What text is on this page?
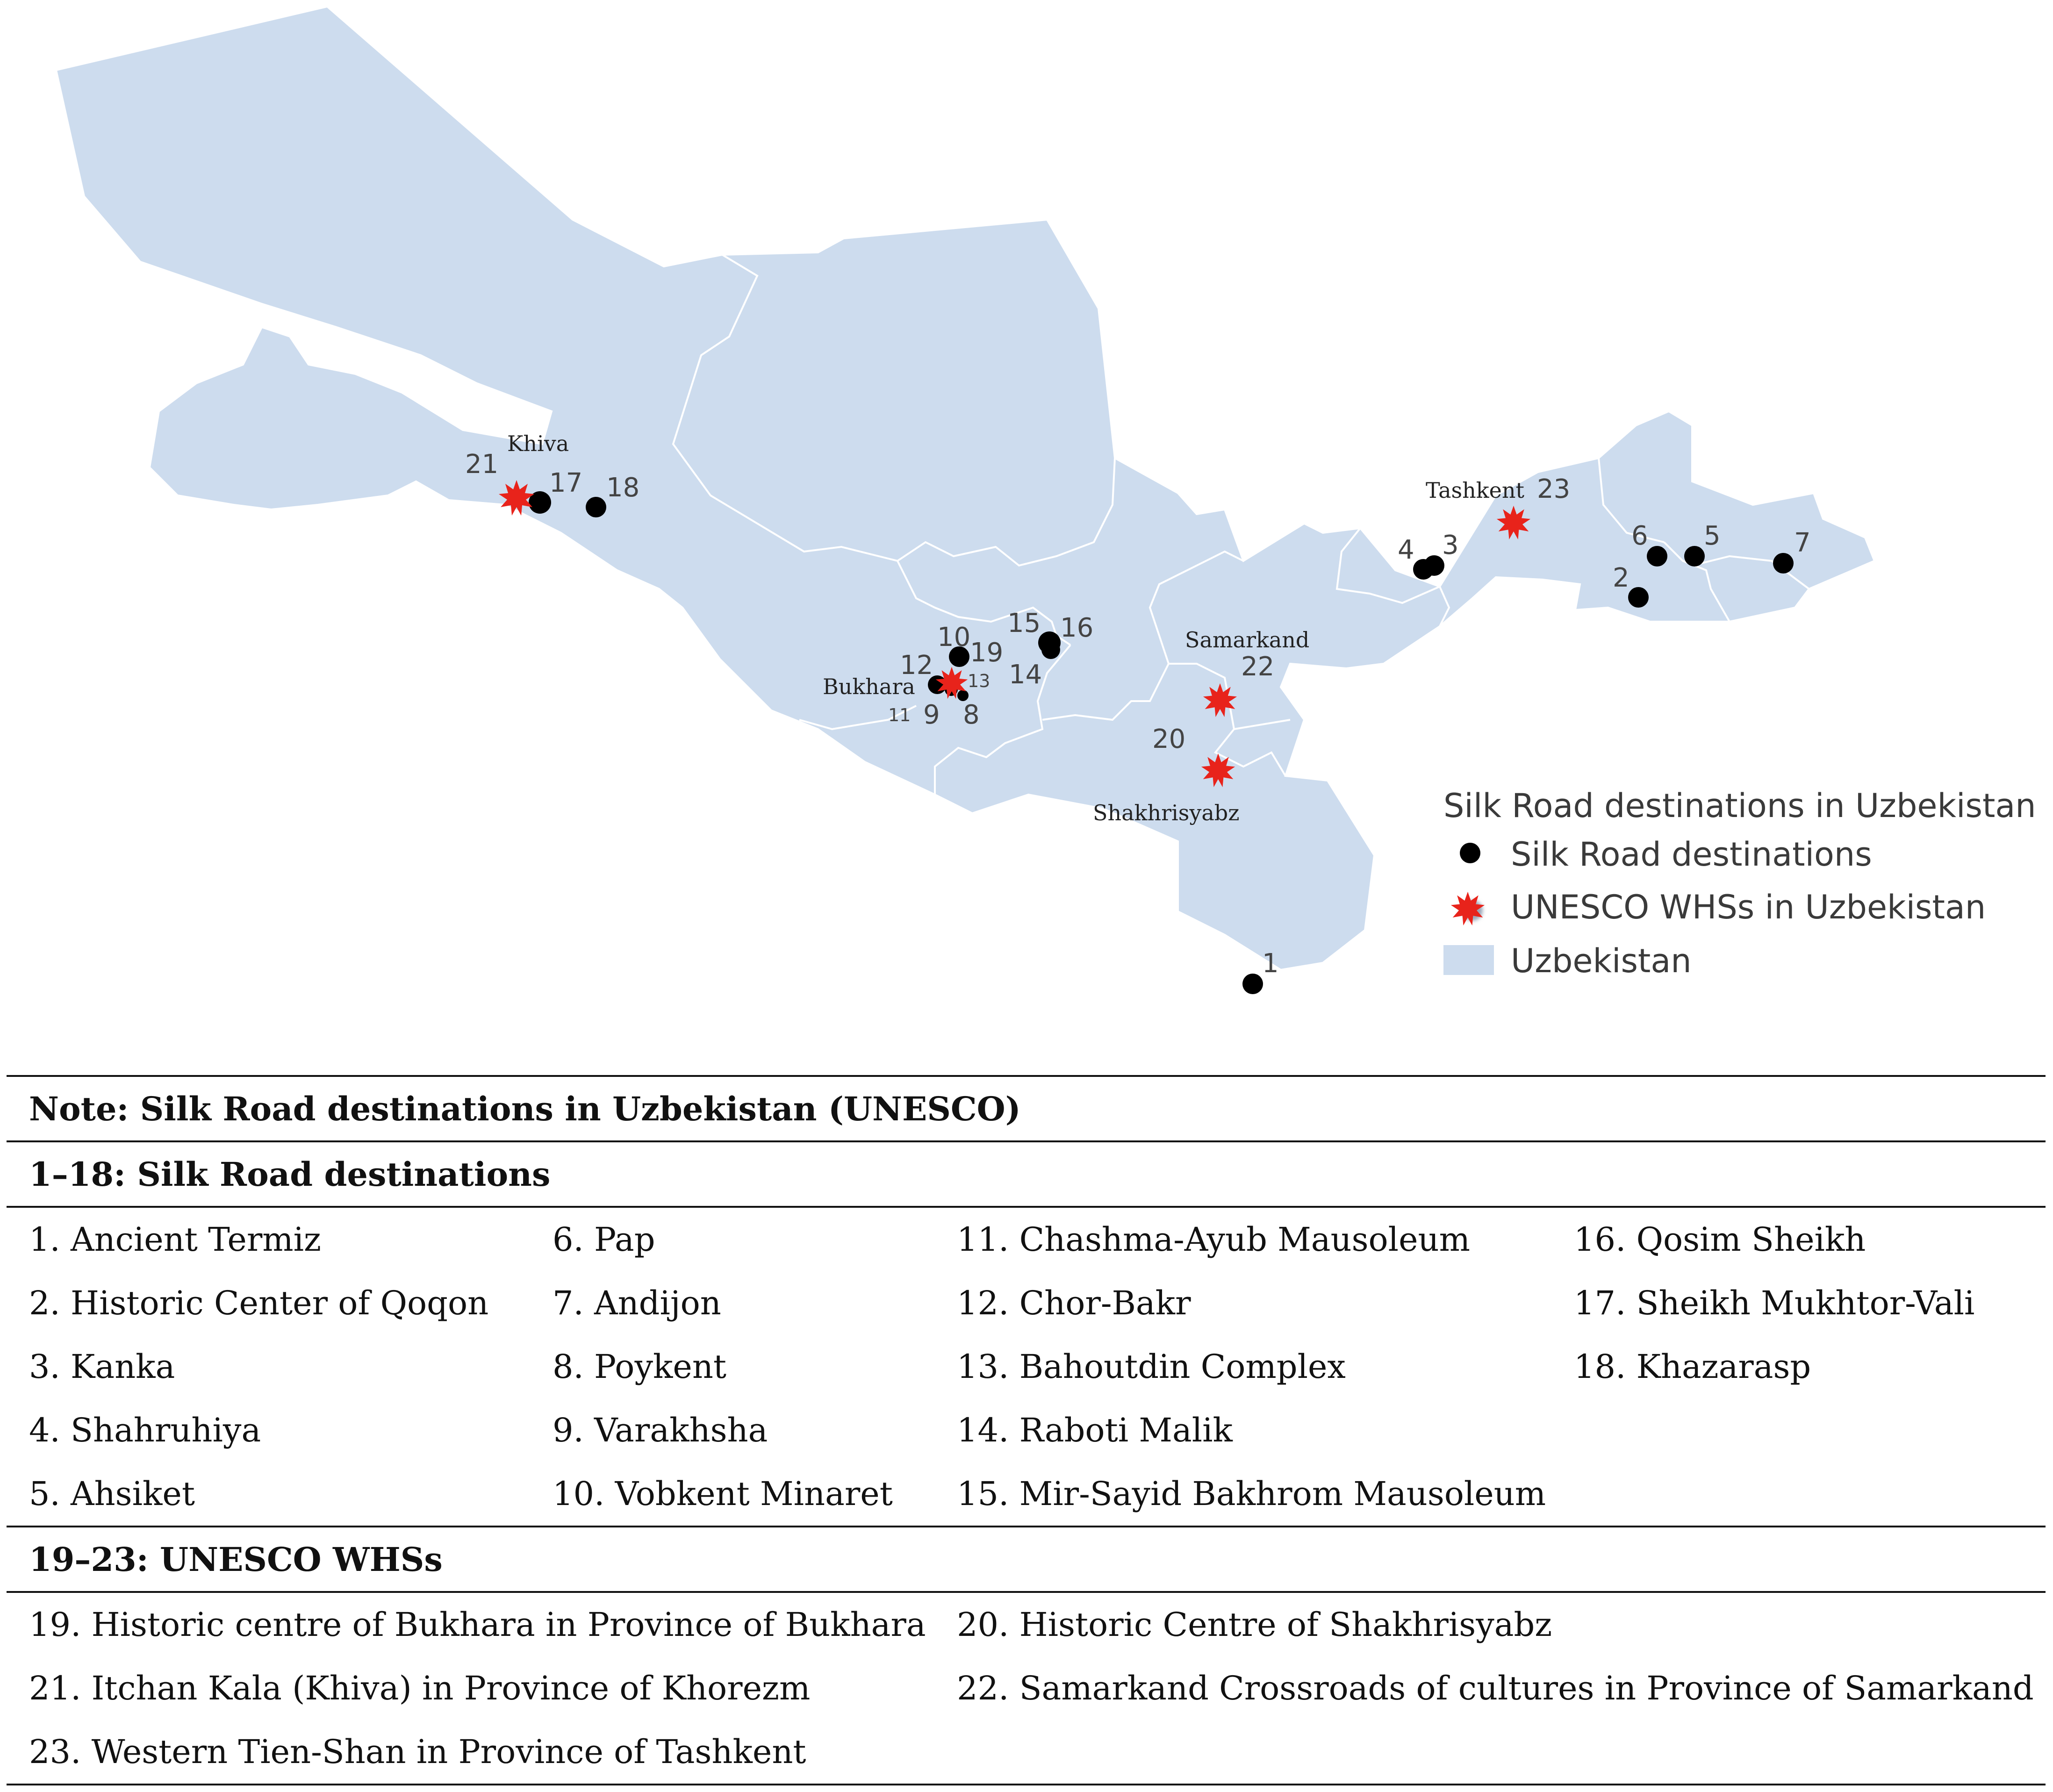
Khiva
Tashkent
Samarkand
Bukhara
Shakhrisyabz
1
2
3
4	5
6	7
8
9
10
11
12
13 14
15 16
17 18
19
20
21
22
23
Silk Road destinations in Uzbekistan
Silk Road destinations
UNESCO WHSs in Uzbekistan
Uzbekistan
Note: Silk Road destinations in Uzbekistan (UNESCO)			
1–18: Silk Road destinations			
1. Ancient Termiz	6. Pap	11. Chashma-Ayub Mausoleum	16. Qosim Sheikh
2. Historic Center of Qoqon	7. Andijon	12. Chor-Bakr	17. Sheikh Mukhtor-Vali
3. Kanka	8. Poykent	13. Bahoutdin Complex	18. Khazarasp
4. Shahruhiya	9. Varakhsha	14. Raboti Malik	
5. Ahsiket	10. Vobkent Minaret	15. Mir-Sayid Bakhrom Mausoleum	
19–23: UNESCO WHSs			
19. Historic centre of Bukhara in Province of Bukhara		20. Historic Centre of Shakhrisyabz	
21. Itchan Kala (Khiva) in Province of Khorezm		22. Samarkand Crossroads of cultures in Province of Samarkand	
23. Western Tien-Shan in Province of Tashkent			
